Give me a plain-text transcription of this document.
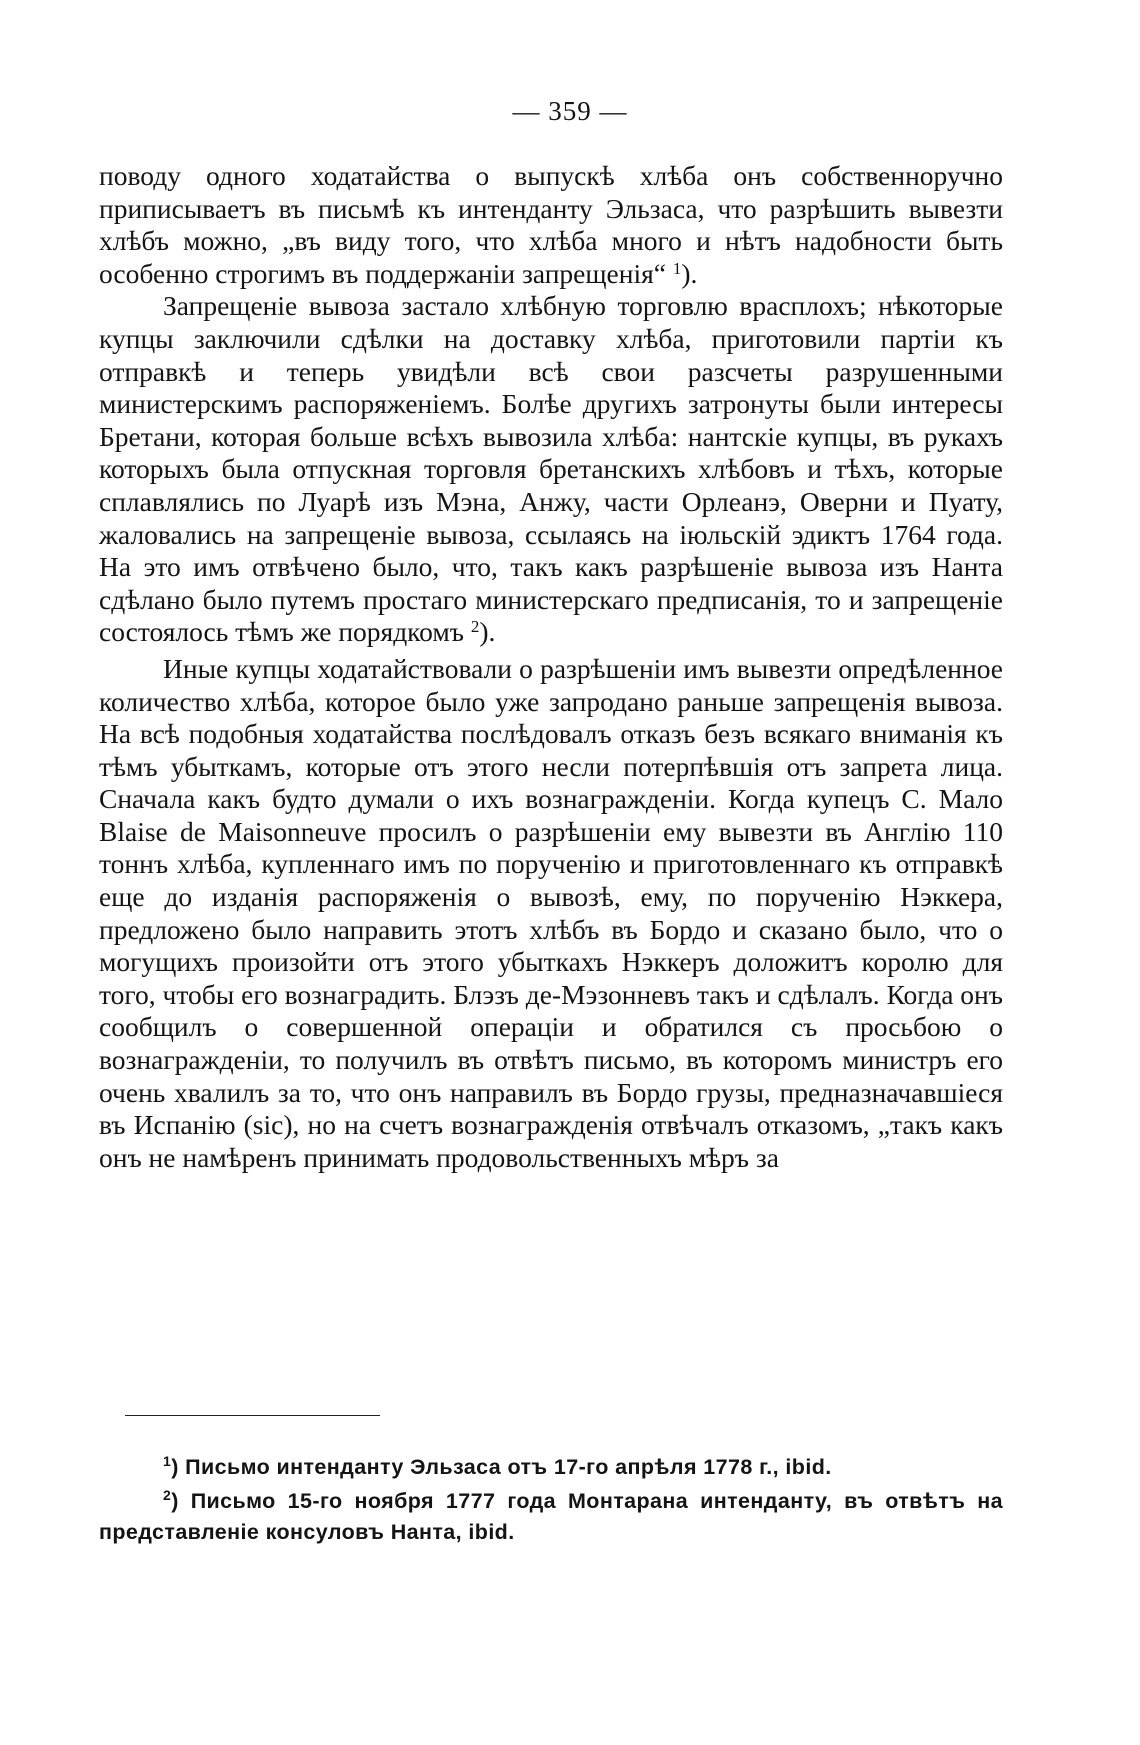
— 359 —

поводу одного ходатайства о выпускѣ хлѣба онъ собственноручно приписываетъ въ письмѣ къ интенданту Эльзаса, что разрѣшить вывезти хлѣбъ можно, „въ виду того, что хлѣба много и нѣтъ надобности быть особенно строгимъ въ поддержаніи запрещенія“ $^1$).

Запрещеніе вывоза застало хлѣбную торговлю врасплохъ; нѣкоторые купцы заключили сдѣлки на доставку хлѣба, приготовили партіи къ отправкѣ и теперь увидѣли всѣ свои разсчеты разрушенными министерскимъ распоряженіемъ. Болѣе другихъ затронуты были интересы Бретани, которая больше всѣхъ вывозила хлѣба: нантскіе купцы, въ рукахъ которыхъ была отпускная торговля бретанскихъ хлѣбовъ и тѣхъ, которые сплавлялись по Луарѣ изъ Мэна, Анжу, части Орлеанэ, Оверни и Пуату, жаловались на запрещеніе вывоза, ссылаясь на іюльскій эдиктъ 1764 года. На это имъ отвѣчено было, что, такъ какъ разрѣшеніе вывоза изъ Нанта сдѣлано было путемъ простаго министерскаго предписанія, то и запрещеніе состоялось тѣмъ же порядкомъ $^2$).

Иные купцы ходатайствовали о разрѣшеніи имъ вывезти опредѣленное количество хлѣба, которое было уже запродано раньше запрещенія вывоза. На всѣ подобныя ходатайства послѣдовалъ отказъ безъ всякаго вниманія къ тѣмъ убыткамъ, которые отъ этого несли потерпѣвшія отъ запрета лица. Сначала какъ будто думали о ихъ вознагражденіи. Когда купецъ С. Мало Blaise de Maisonneuve просилъ о разрѣшеніи ему вывезти въ Англію 110 тоннъ хлѣба, купленнаго имъ по порученію и приготовленнаго къ отправкѣ еще до изданія распоряженія о вывозѣ, ему, по порученію Нэккера, предложено было направить этотъ хлѣбъ въ Бордо и сказано было, что о могущихъ произойти отъ этого убыткахъ Нэккеръ доложитъ королю для того, чтобы его вознаградить. Блэзъ де-Мэзонневъ такъ и сдѣлалъ. Когда онъ сообщилъ о совершенной операціи и обратился съ просьбою о вознагражденіи, то получилъ въ отвѣтъ письмо, въ которомъ министръ его очень хвалилъ за то, что онъ направилъ въ Бордо грузы, предназначавшіеся въ Испанію (sic), но на счетъ вознагражденія отвѣчалъ отказомъ, „такъ какъ онъ не намѣренъ принимать продовольственныхъ мѣръ за

$^1$) Письмо интенданту Эльзаса отъ 17-го апрѣля 1778 г., ibid.

$^2$) Письмо 15-го ноября 1777 года Монтарана интенданту, въ отвѣтъ на представленіе консуловъ Нанта, ibid.
